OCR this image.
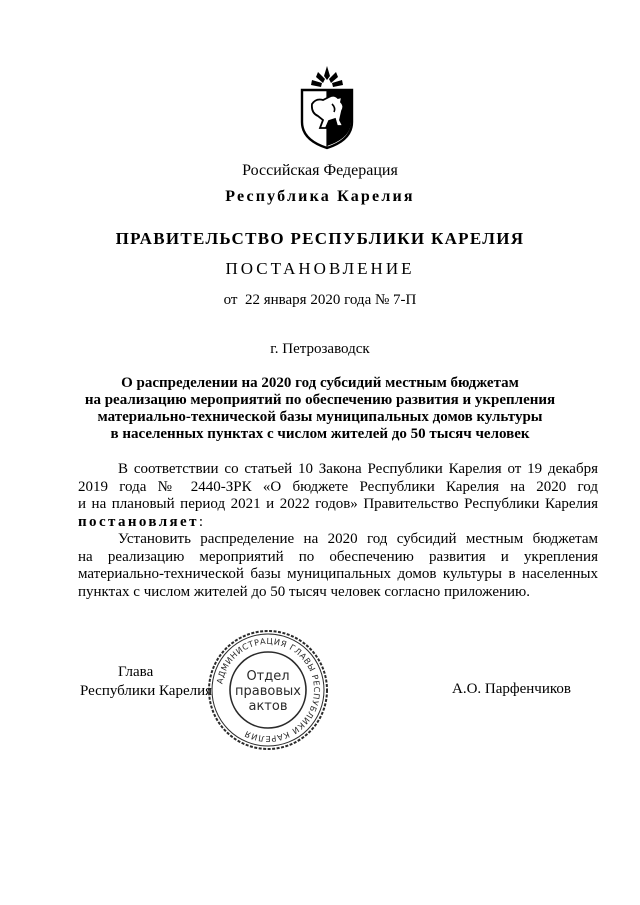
Российская Федерация
Республика Карелия
ПРАВИТЕЛЬСТВО РЕСПУБЛИКИ КАРЕЛИЯ
ПОСТАНОВЛЕНИЕ
от  22 января 2020 года № 7-П
г. Петрозаводск
О распределении на 2020 год субсидий местным бюджетам
на реализацию мероприятий по обеспечению развития и укрепления
материально-технической базы муниципальных домов культуры
в населенных пунктах с числом жителей до 50 тысяч человек
В соответствии со статьей 10 Закона Республики Карелия от 19 декабря
2019 года № 2440-ЗРК «О бюджете Республики Карелия на 2020 год
и на плановый период 2021 и 2022 годов» Правительство Республики Карелия
постановляет:
Установить распределение на 2020 год субсидий местным бюджетам
на реализацию мероприятий по обеспечению развития и укрепления
материально-технической базы муниципальных домов культуры в населенных
пунктах с числом жителей до 50 тысяч человек согласно приложению.
Глава
Республики Карелия	А.О. Парфенчиков
АДМИНИСТРАЦИЯ ГЛАВЫ РЕСПУБЛИКИ КАРЕЛИЯ
Отдел
правовых
актов
